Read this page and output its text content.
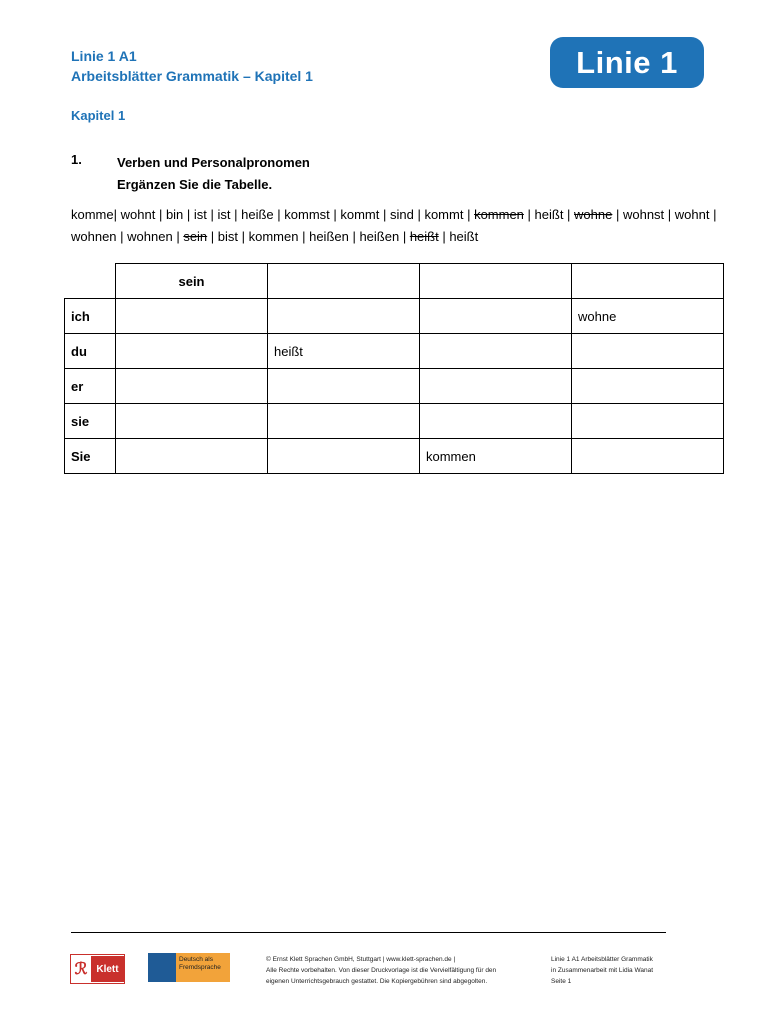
Linie 1 A1
Arbeitsblätter Grammatik – Kapitel 1	Linie 1
Kapitel 1
1.	Verben und Personalpronomen
Ergänzen Sie die Tabelle.
komme| wohnt | bin | ist | ist | heiße | kommst | kommt | sind | kommt | kommen | heißt | wohne | wohnst | wohnt | wohnen | wohnen | sein | bist | kommen | heißen | heißen | heißt | heißt
	sein			
ich				wohne
du		heißt		
er				
sie				
Sie			kommen	
ℛ Klett
Deutsch als Fremdsprache
© Ernst Klett Sprachen GmbH, Stuttgart | www.klett-sprachen.de |
Alle Rechte vorbehalten. Von dieser Druckvorlage ist die Vervielfältigung für den
eigenen Unterrichtsgebrauch gestattet. Die Kopiergebühren sind abgegolten.
Linie 1 A1 Arbeitsblätter Grammatik
in Zusammenarbeit mit Lidia Wanat
Seite 1
